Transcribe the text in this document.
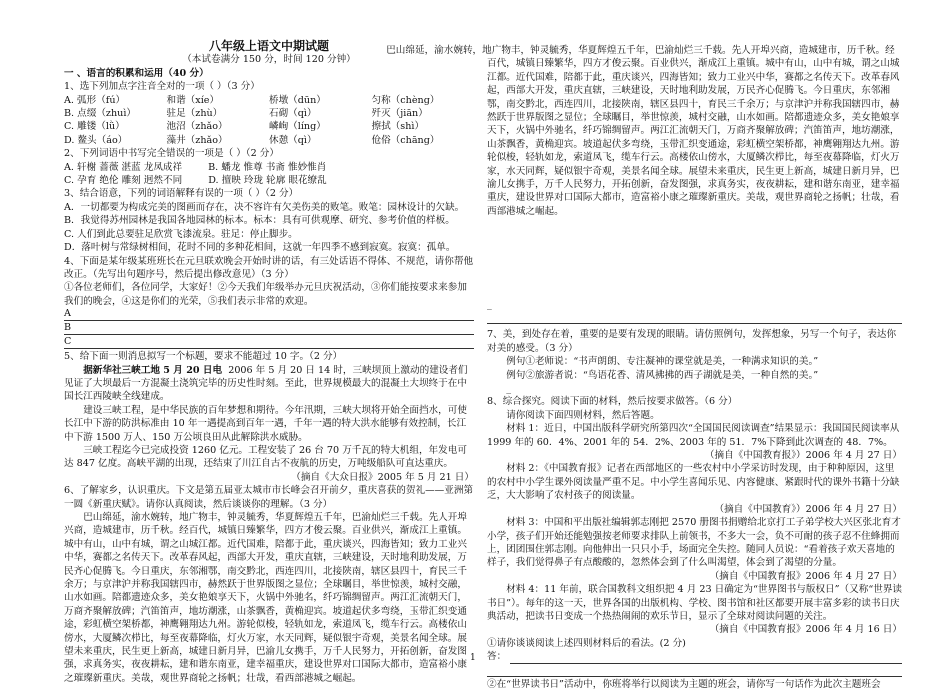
八年级上语文中期试题

（本试卷满分 150 分，时间 120 分钟）

一 、语言的积累和运用（40 分）

1、选下列加点字注音全对的一项（ ）（3 分）

A. 弧形（fú）	和谐（xíe）	桥墩（dūn）	匀称（chèng）
B. 点缀（zhuì）	驻足（zhù）	石砌（qì）	歼灭（jiān）
C. 雕镂（lǜ）	池沼（zhǎo）	嶙峋（líng）	擦拭（shì）
D. 鳌头（áo）	藻井（zhǎo）	休憩（qì）	伧俗（chāng）

2、下列词语中书写完全错误的一项是（ ）（2 分）

A. 轩榭 蔷薇 湛蓝 龙凤成祥	B. 蟠龙 惟尊 书斋 惟妙惟肖
C. 孕育 绝伦 雕刻 迥然不同	D. 擅映 玲珑 轮廓 眼花缭乱

3、结合语意，下列的词语解释有误的一项（ ）（2 分）

A．一切都要为构成完美的图画而存在，决不容许有欠美伤美的败笔。败笔：园林设计的欠缺。

B．我觉得苏州园林是我国各地园林的标本。标本：具有可供观摩、研究、参考价值的样板。

C. 人们到此总要驻足欣赏飞漆流泉。驻足：停止脚步。

D．落叶树与常绿树相间，花时不同的多种花相间，这就一年四季不感到寂寞。寂寞：孤单。

4、下面是某年级某班班长在元旦联欢晚会开始时讲的话，有三处话语不得体、不规范，请你帮他改正。（先写出句题序号，然后提出修改意见）（3 分）

①各位老师们，各位同学，大家好！②今天我们年级举办元旦庆祝活动，③你们能按要求来参加我们的晚会，④这是你们的光荣，⑤我们表示非常的欢迎。

A
B
C

5、给下面一则消息拟写一个标题，要求不能超过 10 字。（2 分）

据新华社三峡工地 5 月 20 日电 2006 年 5 月 20 日 14 时，三峡坝顶上激动的建设者们见证了大坝最后一方混凝土浇筑完毕的历史性时刻。至此，世界规模最大的混凝土大坝终于在中国长江西陵峡全线建成。

建设三峡工程，是中华民族的百年梦想和期待。今年汛期，三峡大坝将开始全面挡水，可使长江中下游的防洪标准由 10 年一遇提高到百年一遇，千年一遇的特大洪水能够有效控制，长江中下游 1500 万人、150 万公顷良田从此解除洪水威胁。

三峡工程迄今已完成投资 1260 亿元。工程安装了 26 台 70 万千瓦的特大机组，年发电可达 847 亿度。高峡平湖的出现，还结束了川江自古不夜航的历史，万吨级船队可直达重庆。

（摘自《大众日报》2005 年 5 月 21 日）

6、了解家乡，认识重庆。下文是第五届亚太城市市长峰会召开前夕，重庆喜获的贺礼——亚洲第一圆《新重庆赋》。请你认真阅读，然后谈谈你的理解。（3 分）

巴山绵延，渝水婉转，地广物丰，钟灵毓秀，华夏辉煌五千年，巴渝灿烂三千载。先人开埠兴商，造城建市，历千秋。经百代，城镇日臻繁华，四方才俊云聚。百业供兴，渐成江上重镇。城中有山，山中有城，谓之山城江都。近代国难，陪都于此，重庆谈兴，四海皆知；致力工业兴中华，赛都之名传天下。改革春风起，西部大开发，重庆直辖，三峡建设，天时地利助发展，万民齐心促腾飞。今日重庆，东邻湘鄂，南交黔北，西连四川，北接陕南，辖区县四十，育民三千余万；与京津沪并称我国辖四市，赫然跃于世界版图之显位；全球瞩目，举世惊羡，城村交融，山水如画。陪都遗迹众多，美女艳娘享天下，火锅中外驰名，纤巧锦绸留声。两江汇流朝天门，万商齐聚解放碑；汽笛笛声，地坊潮涨，山茶飘香，黄桷迎宾。坡道起伏多弯绕，玉带汇织变通途，彩虹横空架桥都，神鹰翱翔达九州。游轮似梭，轻轨如龙，索道凤飞，缆车行云。高楼依山傍水，大厦鳞次栉比，每至夜幕降临，灯火万家，水天同辉，疑似银宇奇观，美景名闻全球。展望未来重庆，民生更上新高，城建日新月异，巴渝儿女携手，万千人民努力，开拓创新，奋发图强，求真务实，夜夜耕耘，建和谐东南亚，建幸福重庆，建设世界对口国际大都市，造富裕小康之璀璨新重庆。美哉，观世界商轮之扬帆；壮哉，看西部港城之崛起。

巴山绵延，渝水婉转，地广物丰，钟灵毓秀，华夏辉煌五千年，巴渝灿烂三千载。先人开埠兴商，造城建市，历千秋。经百代，城镇日臻繁华，四方才俊云聚。百业供兴，渐成江上重镇。城中有山，山中有城，谓之山城江都。近代国难，陪都于此，重庆谈兴，四海皆知；致力工业兴中华，赛都之名传天下。改革春风起，西部大开发，重庆直辖，三峡建设，天时地利助发展，万民齐心促腾飞。今日重庆，东邻湘鄂，南交黔北，西连四川，北接陕南，辖区县四十，育民三千余万；与京津沪并称我国辖四市，赫然跃于世界版图之显位；全球瞩目，举世惊羡，城村交融，山水如画。陪都遗迹众多，美女艳娘享天下，火锅中外驰名，纤巧锦绸留声。两江汇流朝天门，万商齐聚解放碑；汽笛笛声，地坊潮涨，山茶飘香，黄桷迎宾。坡道起伏多弯绕，玉带汇织变通途，彩虹横空架桥都，神鹰翱翔达九州。游轮似梭，轻轨如龙，索道凤飞，缆车行云。高楼依山傍水，大厦鳞次栉比，每至夜幕降临，灯火万家，水天同辉，疑似银宇奇观，美景名闻全球。展望未来重庆，民生更上新高，城建日新月异，巴渝儿女携手，万千人民努力，开拓创新，奋发图强，求真务实，夜夜耕耘，建和谐东南亚，建幸福重庆，建设世界对口国际大都市，造富裕小康之璀璨新重庆。美哉，观世界商轮之扬帆；壮哉，看西部港城之崛起。

_

7、美，到处存在着，重要的是要有发现的眼睛。请仿照例句，发挥想象，另写一个句子，表达你对美的感受。（3 分）

例句①老师说：“书声朗朗、专注凝神的课堂就是美，一种满求知识的美。”

例句②旅游者说：“鸟语花香、清风拂拂的西子湖就是美，一种自然的美。”

_

8、综合探究。阅读下面的材料，然后按要求做答。（6 分）

请你阅读下面四则材料，然后答题。

材料 1：近日，中国出版科学研究所第四次“全国国民阅读调查”结果显示：我国国民阅读率从 1999 年的 60．4%、2001 年的 54．2%、2003 年的 51．7%下降到此次调查的 48．7%。

（摘自《中国教育报》）2006 年 4 月 27 日）

材料 2：《中国教育报》记者在西部地区的一些农村中小学采访时发现，由于种种原因，这里的农村中小学生课外阅读量严重不足。中小学生喜闻乐见、内容健康、紧跟时代的课外书籍十分缺乏，大大影响了农村孩子的阅读量。

（摘自《中国教育》）2006 年 4 月 27 日）

材料 3：中国和平出版社编辑郭志刚把 2570 册图书捐赠给北京打工子弟学校大兴区张北育才小学，孩子们开始还能勉强按老师要求排队上前领书，不多大一会，负不可耐的孩子忍不住蜂拥而上，团团围住郭志刚。向他伸出一只只小手，场面完全失控。随同人员说：“看着孩子欢天喜地的样子，我们觉得鼻子有点酸酸的，忽然体会到了什么叫渴望，体会到了渴望的分量。

（摘自《中国教育报》2006 年 4 月 27 日）

材料 4：11 年前，联合国教科文组织把 4 月 23 日确定为“世界图书与版权日”（又称“世界读书日”）。每年的这一天，世界各国的出版机构、学校、图书馆和社区都要开展丰富多彩的读书日庆典活动，把读书日变成一个热热闹闹的欢乐节日，显示了全球对阅读问题的关注。

（摘自《中国教育报》2006 年 4 月 16 日）

①请你谈谈阅读上述四则材料后的看法。(2 分)

答：

②在“世界读书日”活动中，你班将举行以阅读为主题的班会，请你写一句话作为此次主题班会

1
